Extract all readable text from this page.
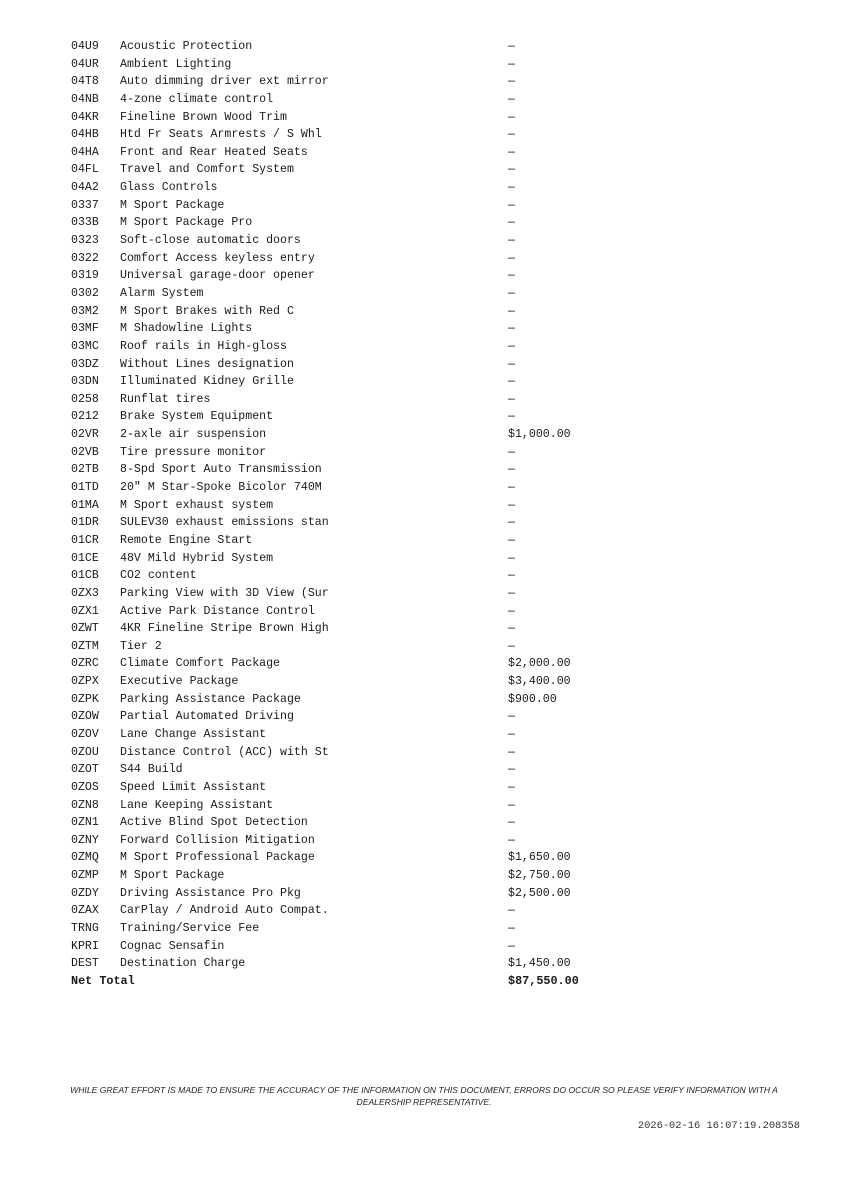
04U9	Acoustic Protection	—
04UR	Ambient Lighting	—
04T8	Auto dimming driver ext mirror	—
04NB	4-zone climate control	—
04KR	Fineline Brown Wood Trim	—
04HB	Htd Fr Seats Armrests / S Whl	—
04HA	Front and Rear Heated Seats	—
04FL	Travel and Comfort System	—
04A2	Glass Controls	—
0337	M Sport Package	—
033B	M Sport Package Pro	—
0323	Soft-close automatic doors	—
0322	Comfort Access keyless entry	—
0319	Universal garage-door opener	—
0302	Alarm System	—
03M2	M Sport Brakes with Red C	—
03MF	M Shadowline Lights	—
03MC	Roof rails in High-gloss	—
03DZ	Without Lines designation	—
03DN	Illuminated Kidney Grille	—
0258	Runflat tires	—
0212	Brake System Equipment	—
02VR	2-axle air suspension	$1,000.00
02VB	Tire pressure monitor	—
02TB	8-Spd Sport Auto Transmission	—
01TD	20" M Star-Spoke Bicolor 740M	—
01MA	M Sport exhaust system	—
01DR	SULEV30 exhaust emissions stan	—
01CR	Remote Engine Start	—
01CE	48V Mild Hybrid System	—
01CB	CO2 content	—
0ZX3	Parking View with 3D View (Sur	—
0ZX1	Active Park Distance Control	—
0ZWT	4KR Fineline Stripe Brown High	—
0ZTM	Tier 2	—
0ZRC	Climate Comfort Package	$2,000.00
0ZPX	Executive Package	$3,400.00
0ZPK	Parking Assistance Package	$900.00
0ZOW	Partial Automated Driving	—
0ZOV	Lane Change Assistant	—
0ZOU	Distance Control (ACC) with St	—
0ZOT	S44 Build	—
0ZOS	Speed Limit Assistant	—
0ZN8	Lane Keeping Assistant	—
0ZN1	Active Blind Spot Detection	—
0ZNY	Forward Collision Mitigation	—
0ZMQ	M Sport Professional Package	$1,650.00
0ZMP	M Sport Package	$2,750.00
0ZDY	Driving Assistance Pro Pkg	$2,500.00
0ZAX	CarPlay / Android Auto Compat.	—
TRNG	Training/Service Fee	—
KPRI	Cognac Sensafin	—
DEST	Destination Charge	$1,450.00
Net Total	$87,550.00
WHILE GREAT EFFORT IS MADE TO ENSURE THE ACCURACY OF THE INFORMATION ON THIS DOCUMENT, ERRORS DO OCCUR SO PLEASE VERIFY INFORMATION WITH A DEALERSHIP REPRESENTATIVE.
2026-02-16 16:07:19.208358
